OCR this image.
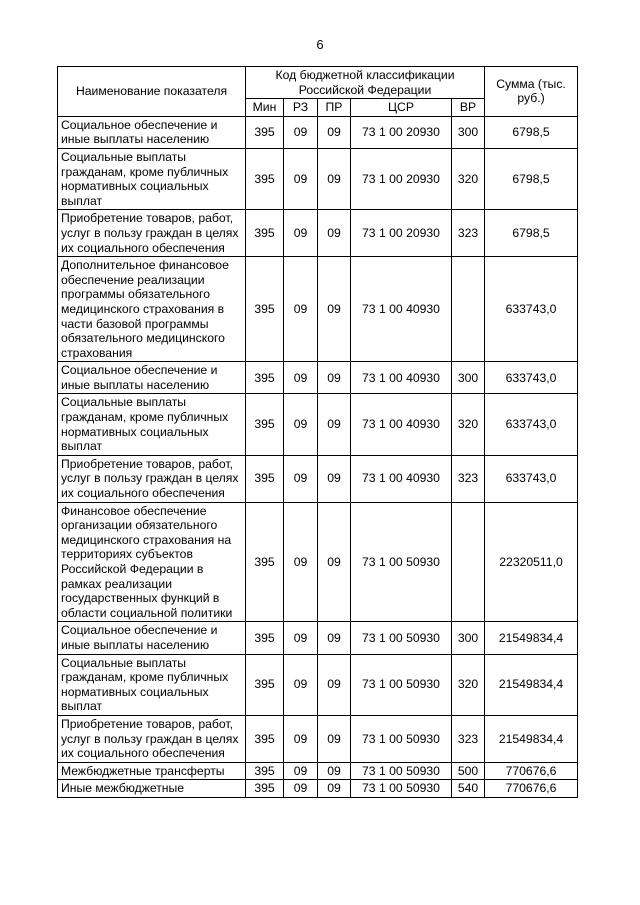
6
Наименование показателя	Код бюджетной классификации Российской Федерации					Сумма (тыс. руб.)
	Мин	РЗ	ПР	ЦСР	ВР	
Социальное обеспечение и иные выплаты населению	395	09	09	73 1 00 20930	300	6798,5
Социальные выплаты гражданам, кроме публичных нормативных социальных выплат	395	09	09	73 1 00 20930	320	6798,5
Приобретение товаров, работ, услуг в пользу граждан в целях их социального обеспечения	395	09	09	73 1 00 20930	323	6798,5
Дополнительное финансовое обеспечение реализации программы обязательного медицинского страхования в части базовой программы обязательного медицинского страхования	395	09	09	73 1 00 40930		633743,0
Социальное обеспечение и иные выплаты населению	395	09	09	73 1 00 40930	300	633743,0
Социальные выплаты гражданам, кроме публичных нормативных социальных выплат	395	09	09	73 1 00 40930	320	633743,0
Приобретение товаров, работ, услуг в пользу граждан в целях их социального обеспечения	395	09	09	73 1 00 40930	323	633743,0
Финансовое обеспечение организации обязательного медицинского страхования на территориях субъектов Российской Федерации в рамках реализации государственных функций в области социальной политики	395	09	09	73 1 00 50930		22320511,0
Социальное обеспечение и иные выплаты населению	395	09	09	73 1 00 50930	300	21549834,4
Социальные выплаты гражданам, кроме публичных нормативных социальных выплат	395	09	09	73 1 00 50930	320	21549834,4
Приобретение товаров, работ, услуг в пользу граждан в целях их социального обеспечения	395	09	09	73 1 00 50930	323	21549834,4
Межбюджетные трансферты	395	09	09	73 1 00 50930	500	770676,6
Иные межбюджетные	395	09	09	73 1 00 50930	540	770676,6
